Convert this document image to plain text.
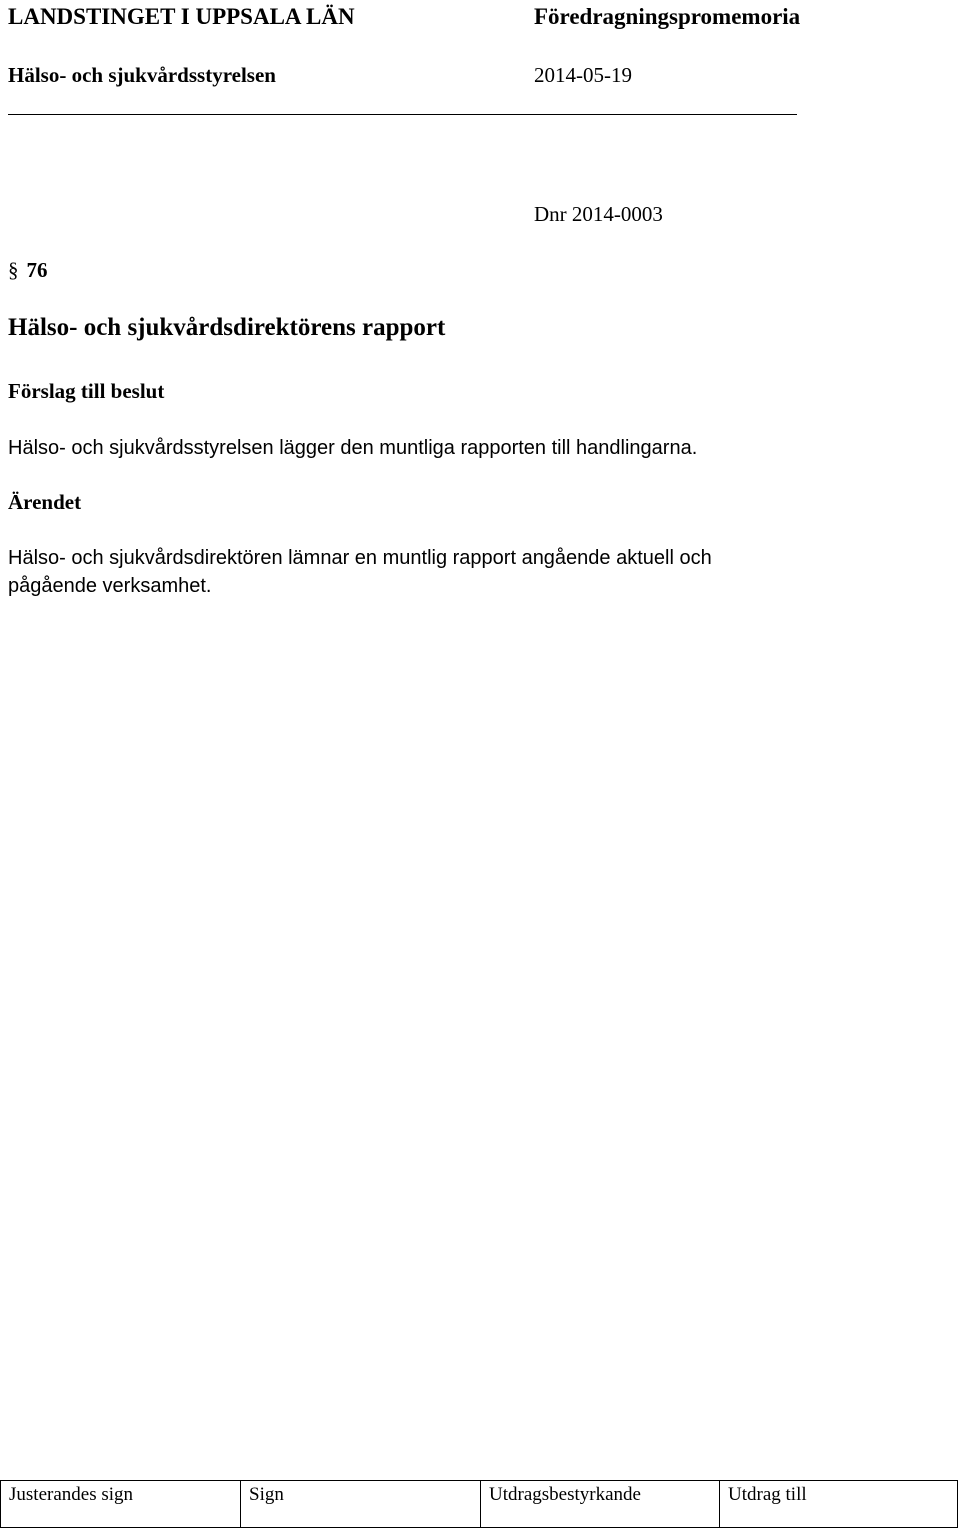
LANDSTINGET I UPPSALA LÄN	Föredragningspromemoria
Hälso- och sjukvårdsstyrelsen	2014-05-19
Dnr 2014-0003
§ 76
Hälso- och sjukvårdsdirektörens rapport
Förslag till beslut
Hälso- och sjukvårdsstyrelsen lägger den muntliga rapporten till handlingarna.
Ärendet
Hälso- och sjukvårdsdirektören lämnar en muntlig rapport angående aktuell och
pågående verksamhet.
Justerandes sign	Sign	Utdragsbestyrkande	Utdrag till
